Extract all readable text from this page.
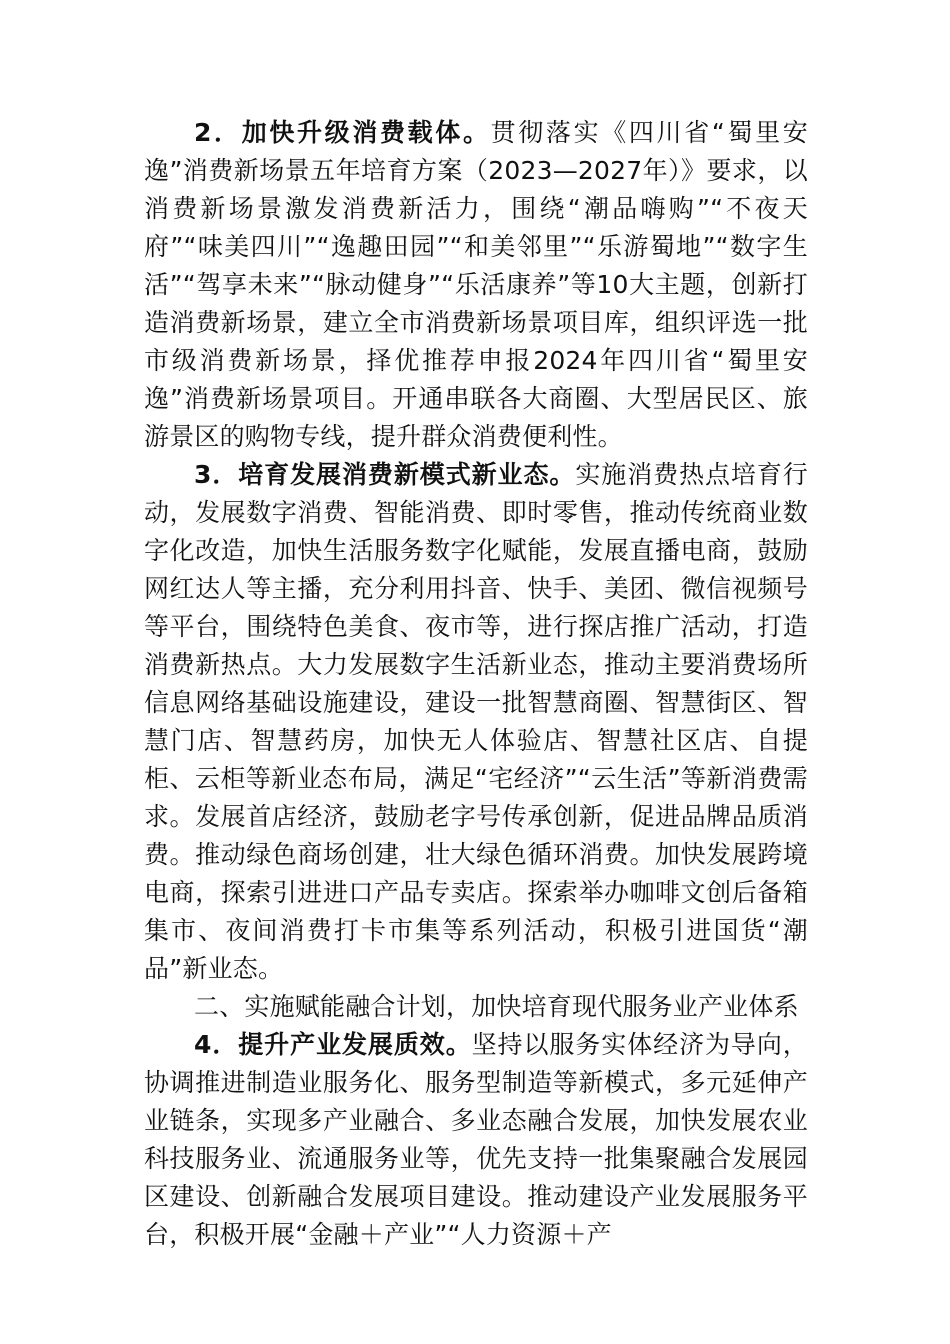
2．加快升级消费载体。贯彻落实《四川省“蜀里安逸”消费新场景五年培育方案（2023—2027年）》要求，以消费新场景激发消费新活力，围绕“潮品嗨购”“不夜天府”“味美四川”“逸趣田园”“和美邻里”“乐游蜀地”“数字生活”“驾享未来”“脉动健身”“乐活康养”等10大主题，创新打造消费新场景，建立全市消费新场景项目库，组织评选一批市级消费新场景，择优推荐申报2024年四川省“蜀里安逸”消费新场景项目。开通串联各大商圈、大型居民区、旅游景区的购物专线，提升群众消费便利性。

3．培育发展消费新模式新业态。实施消费热点培育行动，发展数字消费、智能消费、即时零售，推动传统商业数字化改造，加快生活服务数字化赋能，发展直播电商，鼓励网红达人等主播，充分利用抖音、快手、美团、微信视频号等平台，围绕特色美食、夜市等，进行探店推广活动，打造消费新热点。大力发展数字生活新业态，推动主要消费场所信息网络基础设施建设，建设一批智慧商圈、智慧街区、智慧门店、智慧药房，加快无人体验店、智慧社区店、自提柜、云柜等新业态布局，满足“宅经济”“云生活”等新消费需求。发展首店经济，鼓励老字号传承创新，促进品牌品质消费。推动绿色商场创建，壮大绿色循环消费。加快发展跨境电商，探索引进进口产品专卖店。探索举办咖啡文创后备箱集市、夜间消费打卡市集等系列活动，积极引进国货“潮品”新业态。

二、实施赋能融合计划，加快培育现代服务业产业体系

4．提升产业发展质效。坚持以服务实体经济为导向，协调推进制造业服务化、服务型制造等新模式，多元延伸产业链条，实现多产业融合、多业态融合发展，加快发展农业科技服务业、流通服务业等，优先支持一批集聚融合发展园区建设、创新融合发展项目建设。推动建设产业发展服务平台，积极开展“金融＋产业”“人力资源＋产
